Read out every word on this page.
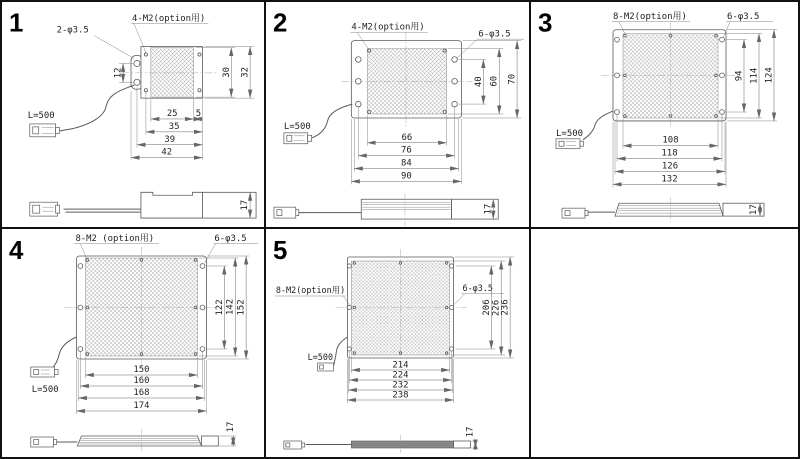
1	2-φ3.5
4-M2(option用)
12	30 32
25 5
35
39
42
L=500
17
2	4-M2(option用)
6-φ3.5
40 60 70
66
76
84
90
L=500
17
3	8-M2(option用)	6-φ3.5
94 114 124
108
118
126
132
L=500
17
4	8-M2 (option用)	6-φ3.5
122 142 152
150
160
168
174
L=500
17
5
8-M2(option用)	6-φ3.5
206 226
236
214
224
232
238
L=500
17
